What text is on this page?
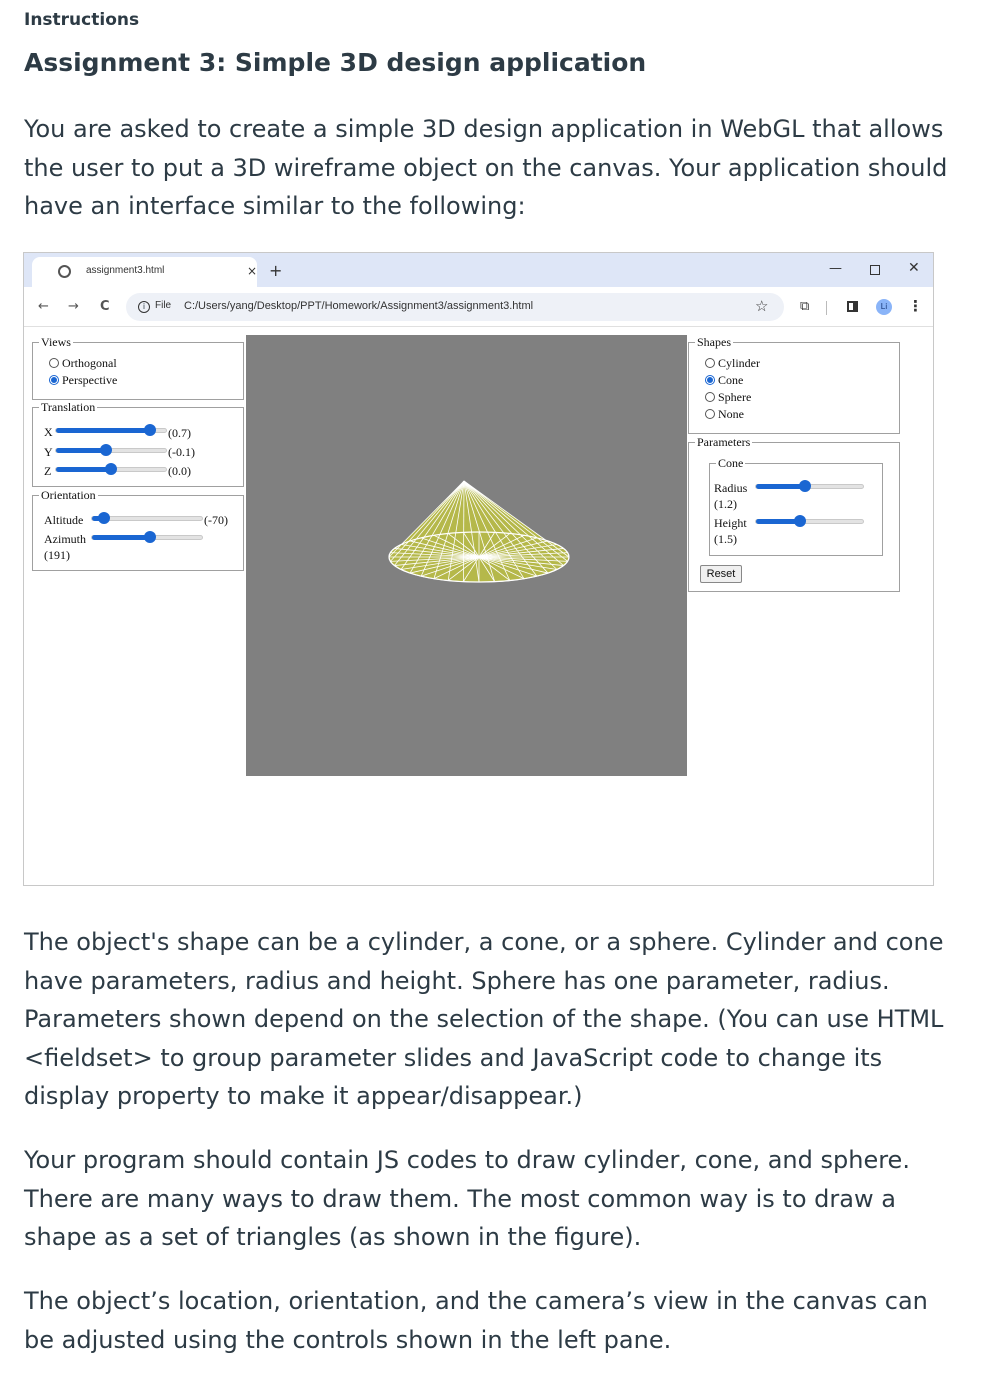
Instructions
Assignment 3: Simple 3D design application
You are asked to create a simple 3D design application in WebGL that allows the user to put a 3D wireframe object on the canvas. Your application should have an interface similar to the following:
assignment3.html	× +	—	✕
← → C	i File C:/Users/yang/Desktop/PPT/Homework/Assignment3/assignment3.html	☆ ⧉	Li	⋮
Views
Orthogonal
Perspective
Translation
X	(0.7)
Y	(-0.1)
Z	(0.0)
Orientation
Altitude	(-70)
Azimuth
(191)
Shapes
Cylinder
Cone
Sphere
None
Parameters
Cone
Radius
(1.2)
Height
(1.5)
Reset
The object's shape can be a cylinder, a cone, or a sphere. Cylinder and cone have parameters, radius and height. Sphere has one parameter, radius. Parameters shown depend on the selection of the shape. (You can use HTML <fieldset> to group parameter slides and JavaScript code to change its display property to make it appear/disappear.)
Your program should contain JS codes to draw cylinder, cone, and sphere. There are many ways to draw them. The most common way is to draw a shape as a set of triangles (as shown in the figure).
The object’s location, orientation, and the camera’s view in the canvas can be adjusted using the controls shown in the left pane.
